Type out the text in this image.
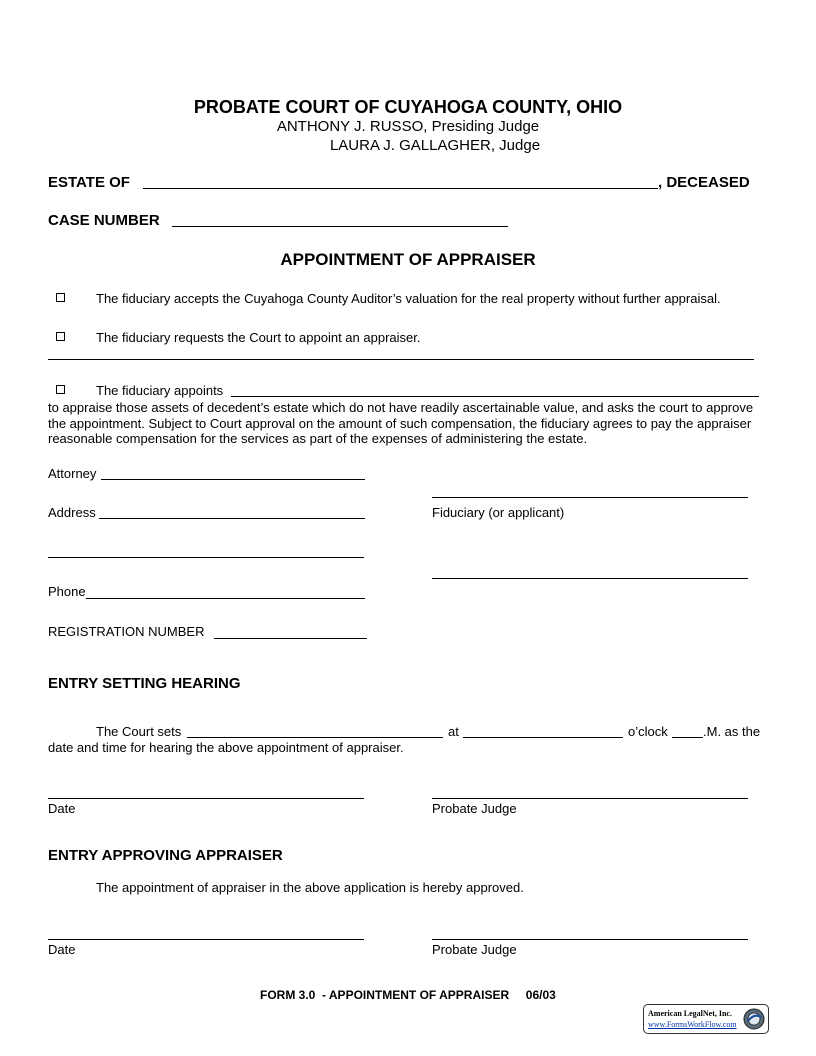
PROBATE COURT OF CUYAHOGA COUNTY, OHIO
ANTHONY J. RUSSO, Presiding Judge
LAURA J. GALLAGHER, Judge
ESTATE OF	, DECEASED
CASE NUMBER
APPOINTMENT OF APPRAISER
The fiduciary accepts the Cuyahoga County Auditor’s valuation for the real property without further appraisal.
The fiduciary requests the Court to appoint an appraiser.
The fiduciary appoints
to appraise those assets of decedent’s estate which do not have readily ascertainable value, and asks the court to approve the appointment. Subject to Court approval on the amount of such compensation, the fiduciary agrees to pay the appraiser reasonable compensation for the services as part of the expenses of administering the estate.
Attorney
Address	Fiduciary (or applicant)
Phone
REGISTRATION NUMBER
ENTRY SETTING HEARING
The Court sets	at	o’clock	.M. as the
date and time for hearing the above appointment of appraiser.
Date	Probate Judge
ENTRY APPROVING APPRAISER
The appointment of appraiser in the above application is hereby approved.
Date	Probate Judge
FORM 3.0  - APPOINTMENT OF APPRAISER     06/03
American LegalNet, Inc.
www.FormsWorkFlow.com
